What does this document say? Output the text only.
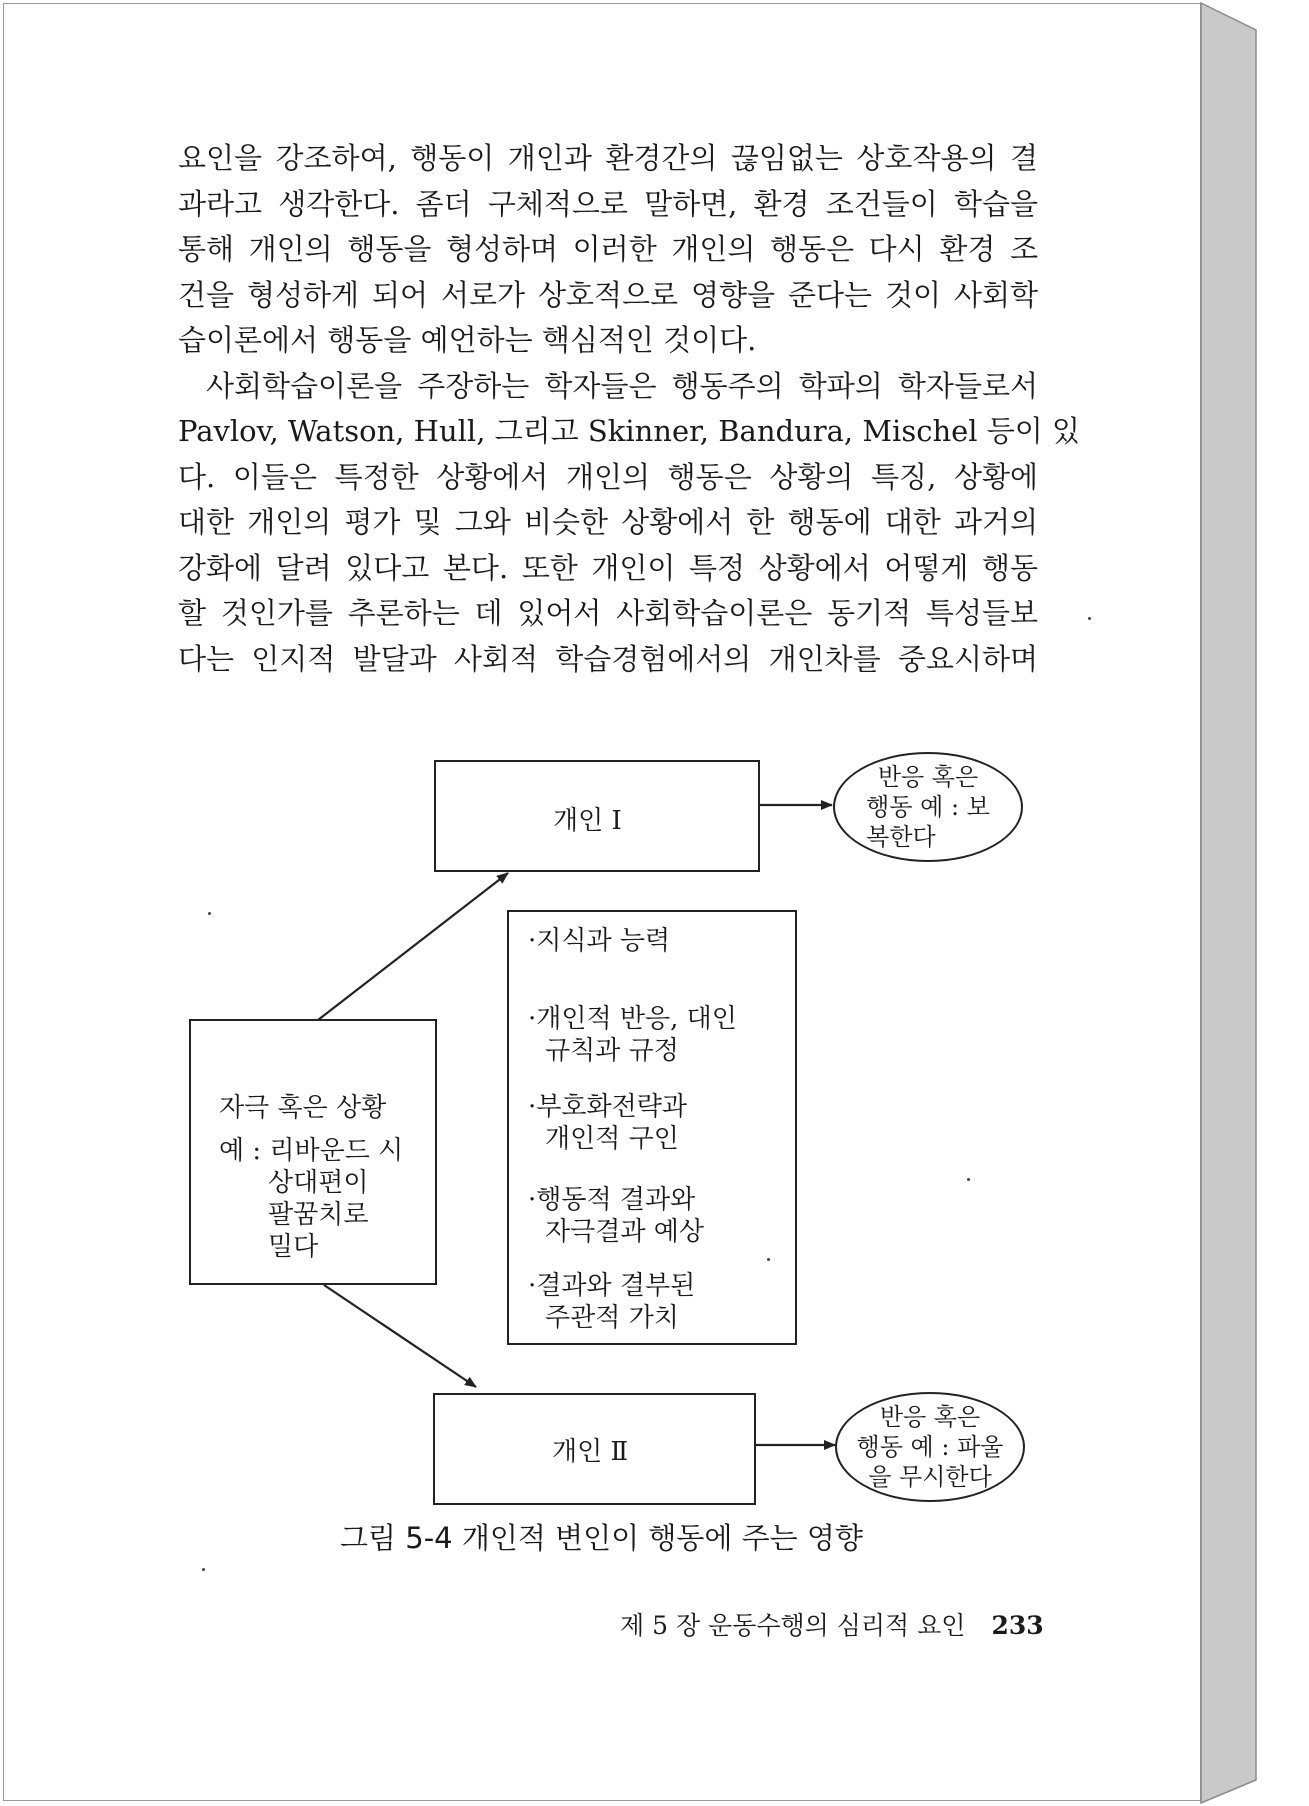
요인을 강조하여, 행동이 개인과 환경간의 끊임없는 상호작용의 결
과라고 생각한다. 좀더 구체적으로 말하면, 환경 조건들이 학습을
통해 개인의 행동을 형성하며 이러한 개인의 행동은 다시 환경 조
건을 형성하게 되어 서로가 상호적으로 영향을 준다는 것이 사회학
습이론에서 행동을 예언하는 핵심적인 것이다.
사회학습이론을 주장하는 학자들은 행동주의 학파의 학자들로서
Pavlov, Watson, Hull, 그리고 Skinner, Bandura, Mischel 등이 있
다. 이들은 특정한 상황에서 개인의 행동은 상황의 특징, 상황에
대한 개인의 평가 및 그와 비슷한 상황에서 한 행동에 대한 과거의
강화에 달려 있다고 본다. 또한 개인이 특정 상황에서 어떻게 행동
할 것인가를 추론하는 데 있어서 사회학습이론은 동기적 특성들보
다는 인지적 발달과 사회적 학습경험에서의 개인차를 중요시하며
개인 I
반응 혹은
행동 예 : 보
복한다
자극 혹은 상황
예 : 리바운드 시
상대편이
팔꿈치로
밀다
·지식과 능력
·개인적 반응, 대인
규칙과 규정
·부호화전략과
개인적 구인
·행동적 결과와
자극결과 예상
·결과와 결부된
주관적 가치
개인 Ⅱ
반응 혹은
행동 예 : 파울
을 무시한다
그림 5-4 개인적 변인이 행동에 주는 영향
제 5 장 운동수행의 심리적 요인 233
